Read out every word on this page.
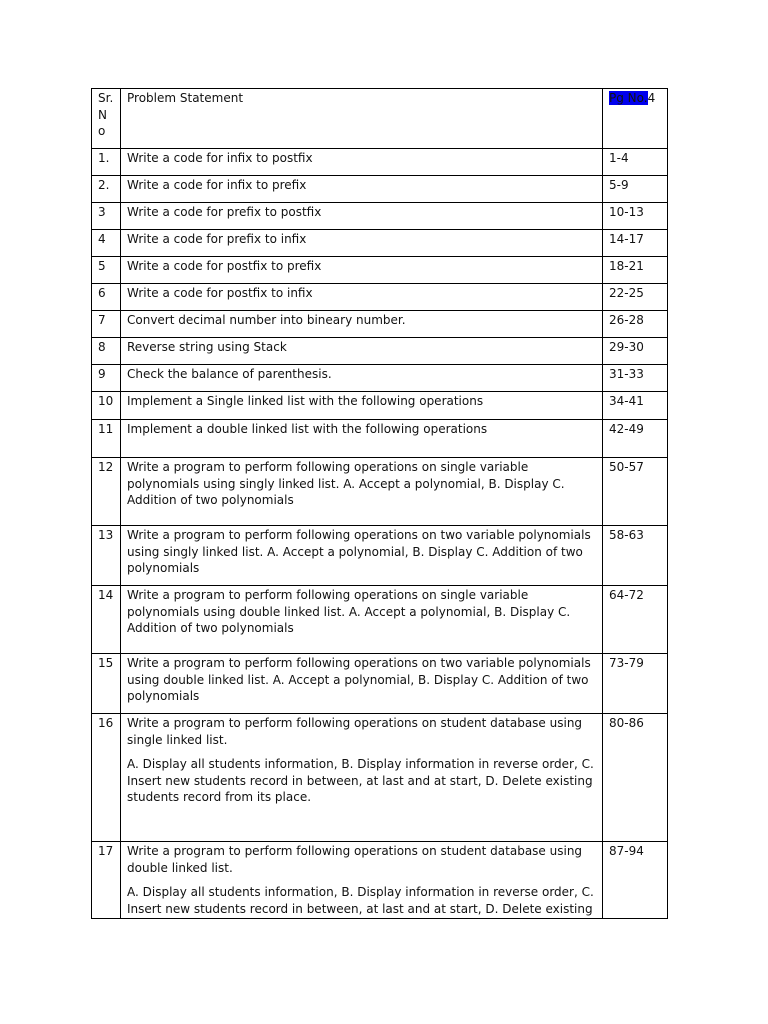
Sr. N o	Problem Statement	Pg No.4
1.	Write a code for infix to postfix	1-4
2.	Write a code for infix to prefix	5-9
3	Write a code for prefix to postfix	10-13
4	Write a code for prefix to infix	14-17
5	Write a code for postfix to prefix	18-21
6	Write a code for postfix to infix	22-25
7	Convert decimal number into bineary number.	26-28
8	Reverse string using Stack	29-30
9	Check the balance of parenthesis.	31-33
10	Implement a Single linked list with the following operations	34-41
11	Implement a double linked list with the following operations	42-49
12	Write a program to perform following operations on single variable polynomials using singly linked list. A. Accept a polynomial, B. Display C. Addition of two polynomials	50-57
13	Write a program to perform following operations on two variable polynomials using singly linked list. A. Accept a polynomial, B. Display C. Addition of two polynomials	58-63
14	Write a program to perform following operations on single variable polynomials using double linked list. A. Accept a polynomial, B. Display C. Addition of two polynomials	64-72
15	Write a program to perform following operations on two variable polynomials using double linked list. A. Accept a polynomial, B. Display C. Addition of two polynomials	73-79
16	Write a program to perform following operations on student database using single linked list.
A. Display all students information, B. Display information in reverse order, C. Insert new students record in between, at last and at start, D. Delete existing students record from its place.	80-86
17	Write a program to perform following operations on student database using double linked list.
A. Display all students information, B. Display information in reverse order, C. Insert new students record in between, at last and at start, D. Delete existing	87-94
